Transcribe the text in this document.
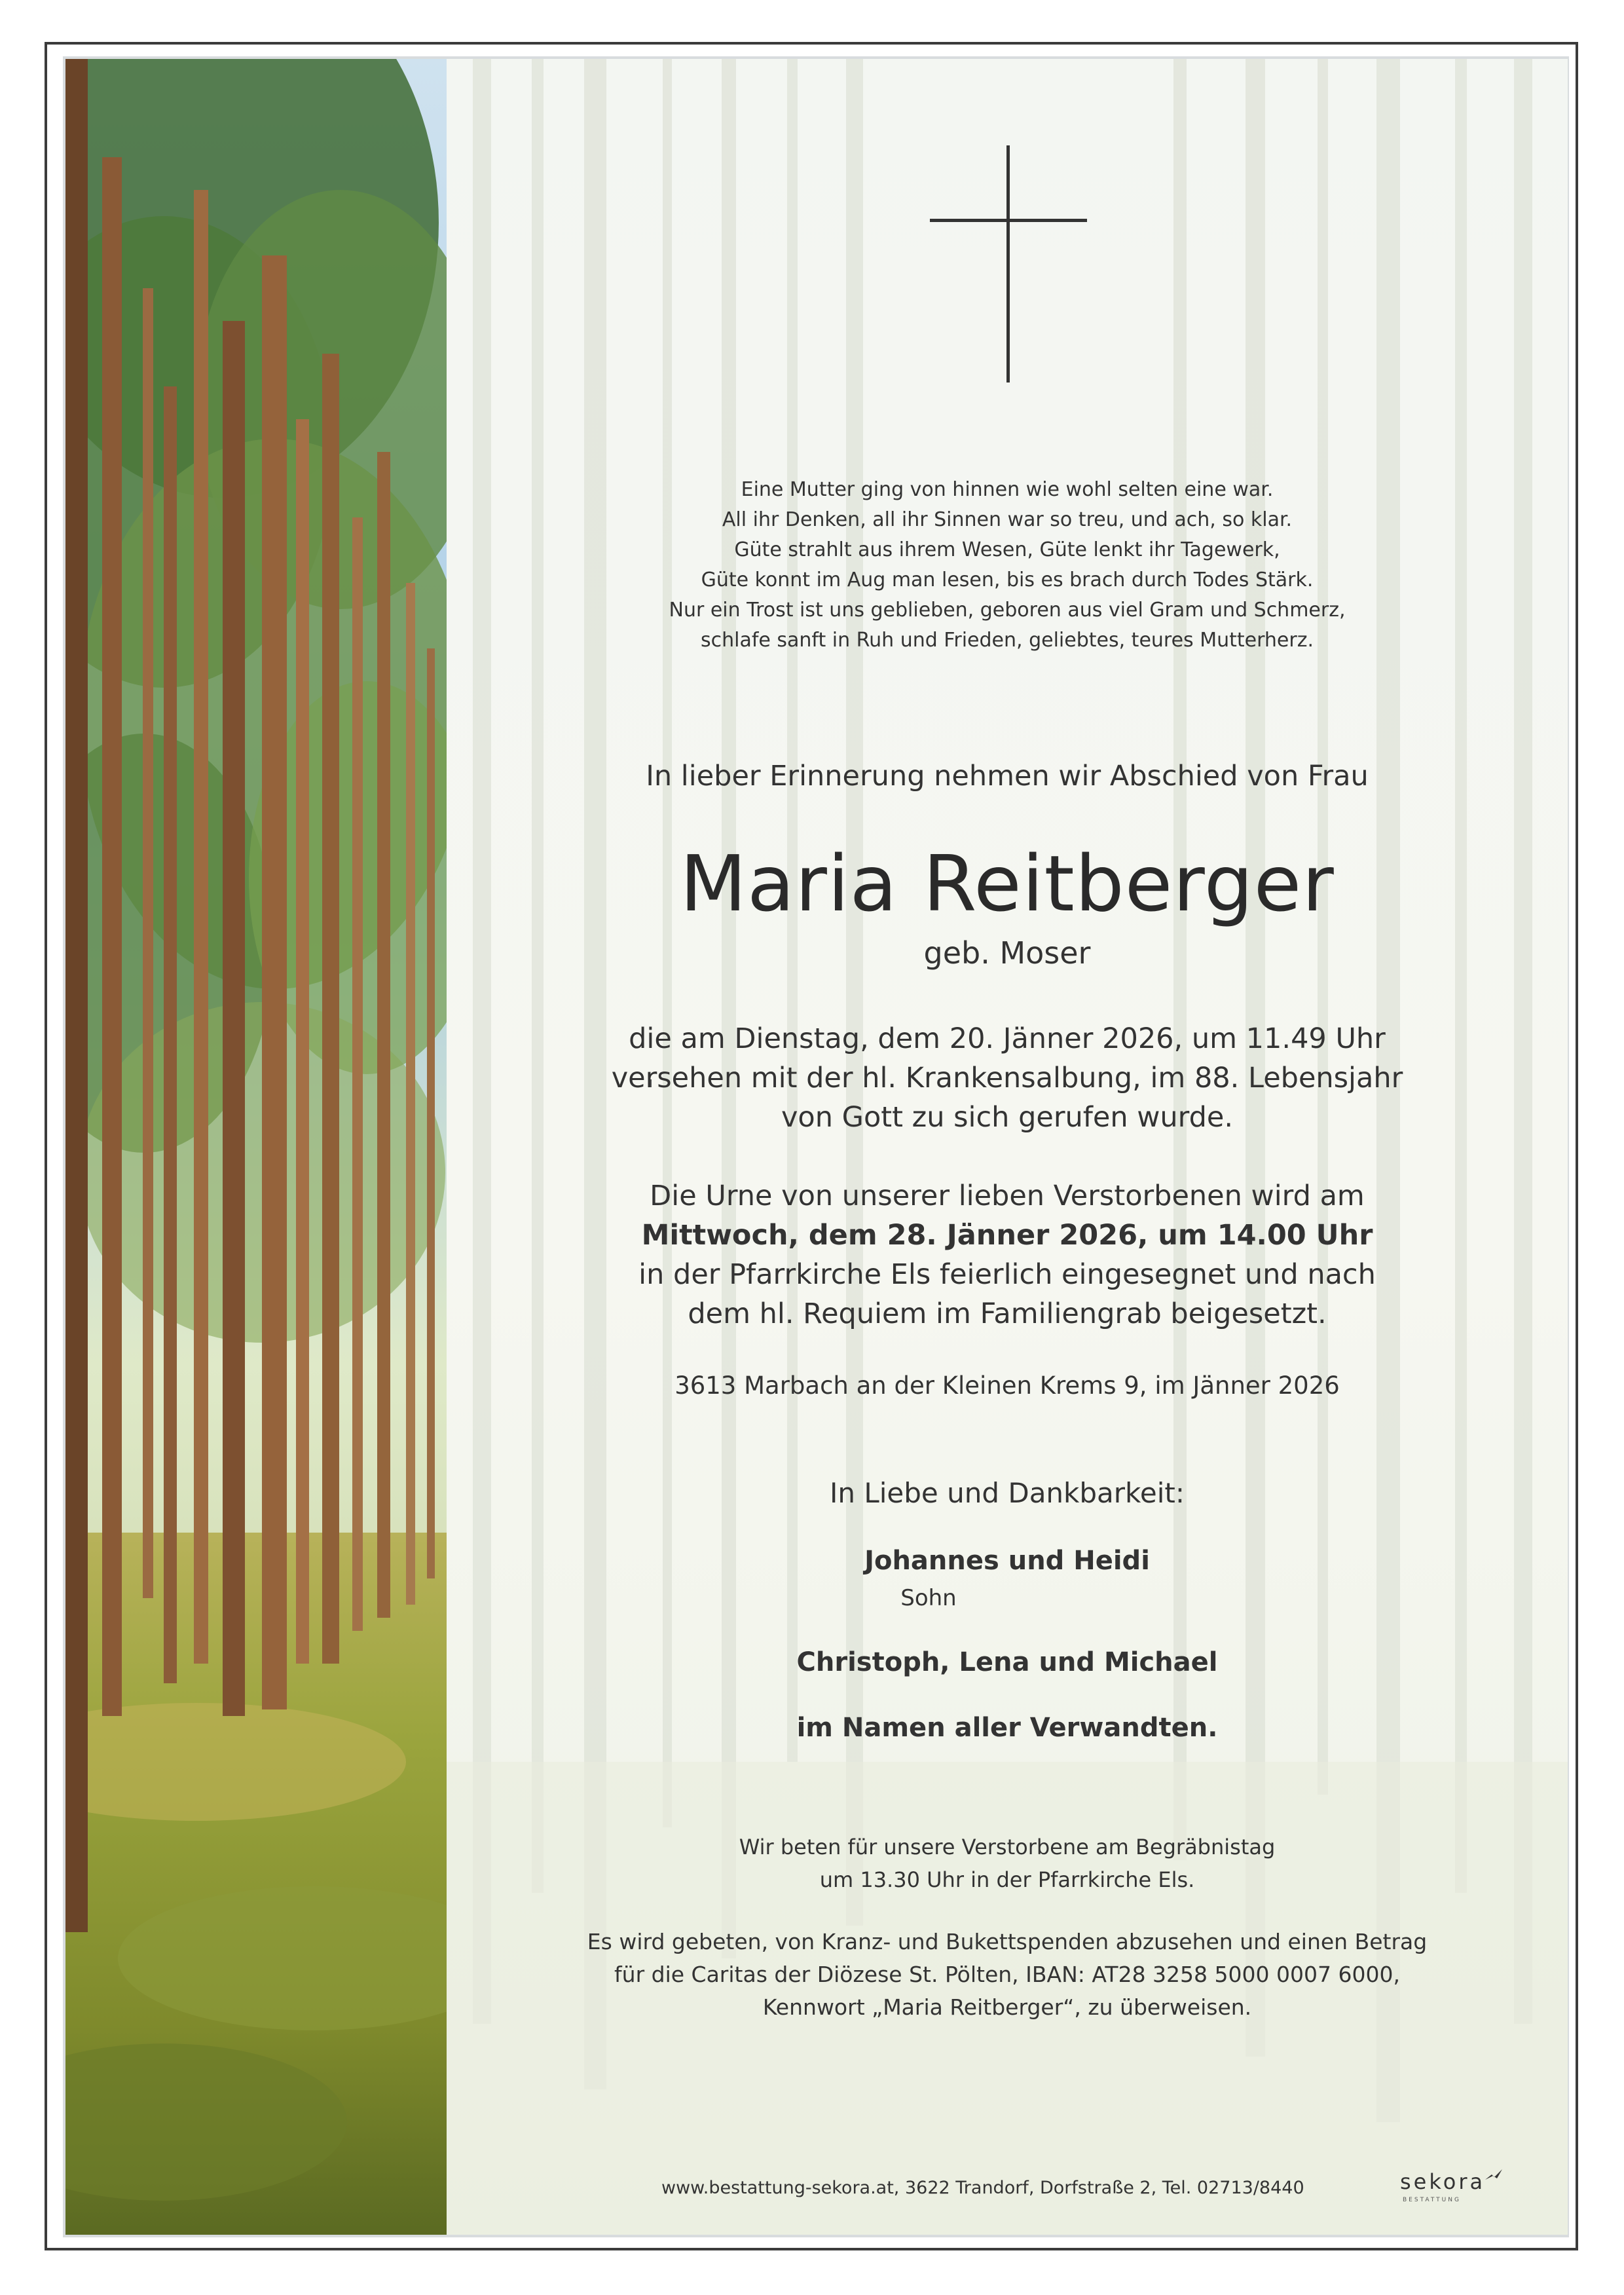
Eine Mutter ging von hinnen wie wohl selten eine war.

All ihr Denken, all ihr Sinnen war so treu, und ach, so klar.

Güte strahlt aus ihrem Wesen, Güte lenkt ihr Tagewerk,

Güte konnt im Aug man lesen, bis es brach durch Todes Stärk.

Nur ein Trost ist uns geblieben, geboren aus viel Gram und Schmerz,

schlafe sanft in Ruh und Frieden, geliebtes, teures Mutterherz.

In lieber Erinnerung nehmen wir Abschied von Frau
Maria Reitberger
geb. Moser

die am Dienstag, dem 20. Jänner 2026, um 11.49 Uhr

versehen mit der hl. Krankensalbung, im 88. Lebensjahr

von Gott zu sich gerufen wurde.

Die Urne von unserer lieben Verstorbenen wird am

Mittwoch, dem 28. Jänner 2026, um 14.00 Uhr

in der Pfarrkirche Els feierlich eingesegnet und nach

dem hl. Requiem im Familiengrab beigesetzt.

3613 Marbach an der Kleinen Krems 9, im Jänner 2026
In Liebe und Dankbarkeit:
Johannes und Heidi
Sohn
Christoph, Lena und Michael
im Namen aller Verwandten.

Wir beten für unsere Verstorbene am Begräbnistag

um 13.30 Uhr in der Pfarrkirche Els.

Es wird gebeten, von Kranz- und Bukettspenden abzusehen und einen Betrag

für die Caritas der Diözese St. Pölten, IBAN: AT28 3258 5000 0007 6000,

Kennwort „Maria Reitberger“, zu überweisen.

www.bestattung-sekora.at, 3622 Trandorf, Dorfstraße 2, Tel. 02713/8440	sekora
BESTATTUNG
